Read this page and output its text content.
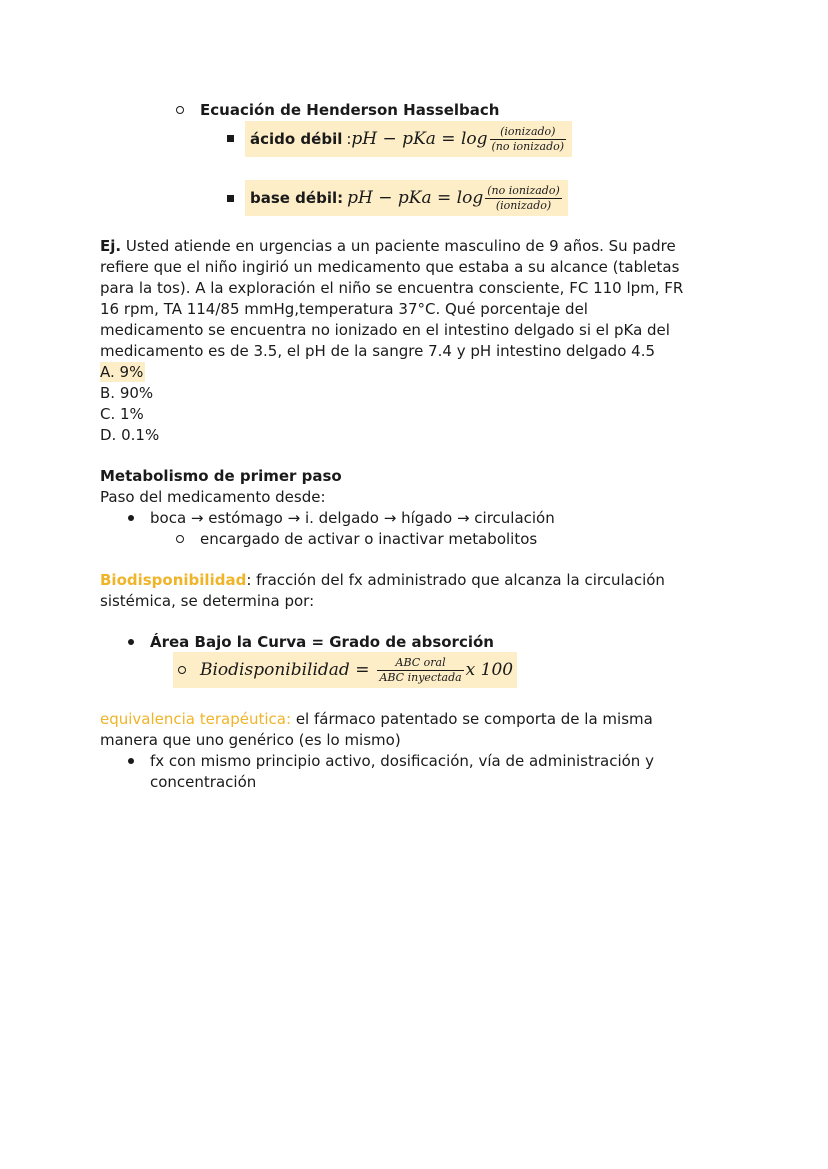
Ecuación de Henderson Hasselbach
ácido débil : pH − pKa = $\log \frac{\text{(ionizado)}}{\text{(no ionizado)}}$
base débil: pH − pKa = $\log \frac{\text{(no ionizado)}}{\text{(ionizado)}}$
Ej. Usted atiende en urgencias a un paciente masculino de 9 años. Su padre
refiere que el niño ingirió un medicamento que estaba a su alcance (tabletas
para la tos). A la exploración el niño se encuentra consciente, FC 110 lpm, FR
16 rpm, TA 114/85 mmHg,temperatura 37°C. Qué porcentaje del
medicamento se encuentra no ionizado en el intestino delgado si el pKa del
medicamento es de 3.5, el pH de la sangre 7.4 y pH intestino delgado 4.5
A. 9%
B. 90%
C. 1%
D. 0.1%
Metabolismo de primer paso
Paso del medicamento desde:
boca → estómago → i. delgado → hígado → circulación
encargado de activar o inactivar metabolitos
Biodisponibilidad: fracción del fx administrado que alcanza la circulación
sistémica, se determina por:
Área Bajo la Curva = Grado de absorción
Biodisponibilidad = $\frac{\text{ABC oral}}{\text{ABC inyectada}}$ x 100
equivalencia terapéutica: el fármaco patentado se comporta de la misma
manera que uno genérico (es lo mismo)
fx con mismo principio activo, dosificación, vía de administración y
concentración
